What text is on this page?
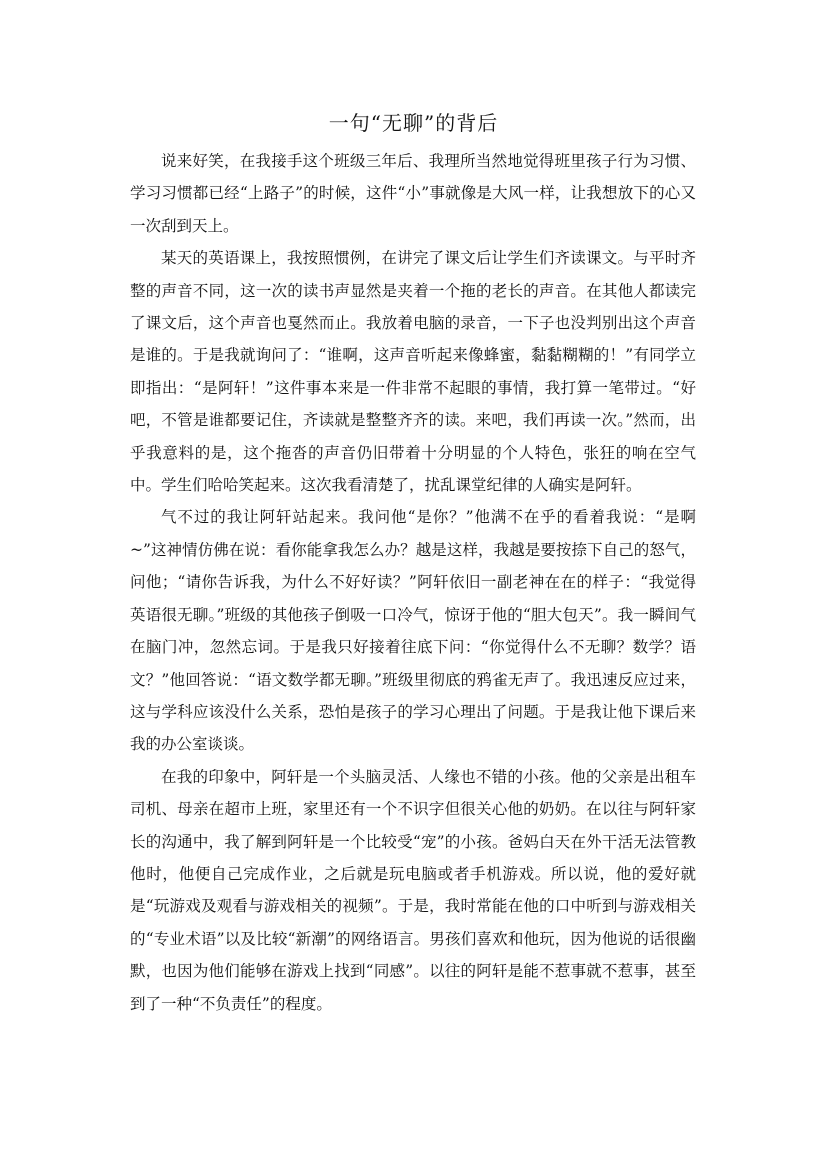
一句“无聊”的背后

说来好笑，在我接手这个班级三年后、我理所当然地觉得班里孩子行为习惯、学习习惯都已经“上路子”的时候，这件“小”事就像是大风一样，让我想放下的心又一次刮到天上。

某天的英语课上，我按照惯例，在讲完了课文后让学生们齐读课文。与平时齐整的声音不同，这一次的读书声显然是夹着一个拖的老长的声音。在其他人都读完了课文后，这个声音也戛然而止。我放着电脑的录音，一下子也没判别出这个声音是谁的。于是我就询问了：“谁啊，这声音听起来像蜂蜜，黏黏糊糊的！”有同学立即指出：“是阿轩！”这件事本来是一件非常不起眼的事情，我打算一笔带过。“好吧，不管是谁都要记住，齐读就是整整齐齐的读。来吧，我们再读一次。”然而，出乎我意料的是，这个拖沓的声音仍旧带着十分明显的个人特色，张狂的响在空气中。学生们哈哈笑起来。这次我看清楚了，扰乱课堂纪律的人确实是阿轩。

气不过的我让阿轩站起来。我问他“是你？”他满不在乎的看着我说：“是啊~”这神情仿佛在说：看你能拿我怎么办？越是这样，我越是要按捺下自己的怒气，问他；“请你告诉我，为什么不好好读？”阿轩依旧一副老神在在的样子：“我觉得英语很无聊。”班级的其他孩子倒吸一口冷气，惊讶于他的“胆大包天”。我一瞬间气在脑门冲，忽然忘词。于是我只好接着往底下问：“你觉得什么不无聊？数学？语文？”他回答说：“语文数学都无聊。”班级里彻底的鸦雀无声了。我迅速反应过来，这与学科应该没什么关系，恐怕是孩子的学习心理出了问题。于是我让他下课后来我的办公室谈谈。

在我的印象中，阿轩是一个头脑灵活、人缘也不错的小孩。他的父亲是出租车司机、母亲在超市上班，家里还有一个不识字但很关心他的奶奶。在以往与阿轩家长的沟通中，我了解到阿轩是一个比较受“宠”的小孩。爸妈白天在外干活无法管教他时，他便自己完成作业，之后就是玩电脑或者手机游戏。所以说，他的爱好就是“玩游戏及观看与游戏相关的视频”。于是，我时常能在他的口中听到与游戏相关的“专业术语”以及比较“新潮”的网络语言。男孩们喜欢和他玩，因为他说的话很幽默，也因为他们能够在游戏上找到“同感”。以往的阿轩是能不惹事就不惹事，甚至到了一种“不负责任”的程度。
